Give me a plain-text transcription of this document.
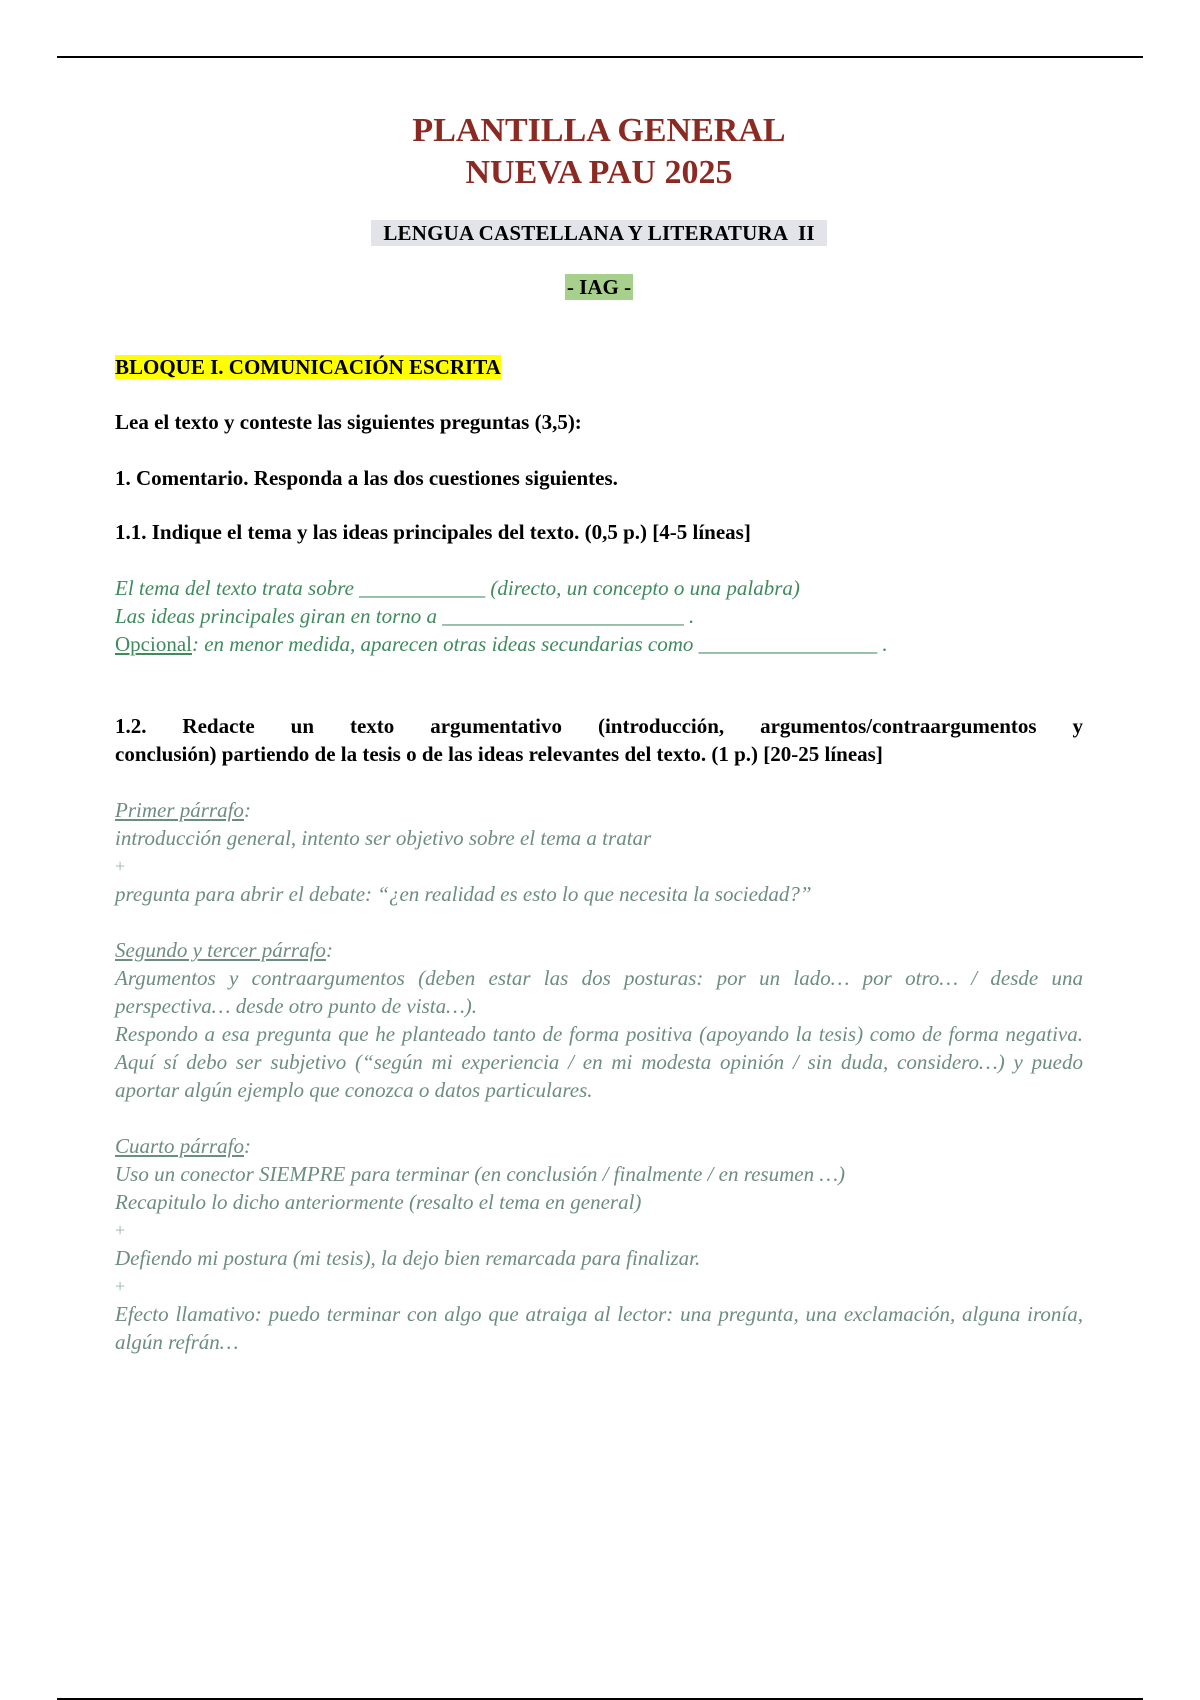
PLANTILLA GENERAL
NUEVA PAU 2025
LENGUA CASTELLANA Y LITERATURA  II
- IAG -
BLOQUE I. COMUNICACIÓN ESCRITA
Lea el texto y conteste las siguientes preguntas (3,5):
1. Comentario. Responda a las dos cuestiones siguientes.
1.1. Indique el tema y las ideas principales del texto. (0,5 p.) [4-5 líneas]
El tema del texto trata sobre ____________ (directo, un concepto o una palabra)
Las ideas principales giran en torno a _______________________ .
Opcional: en menor medida, aparecen otras ideas secundarias como _________________ .
1.2. Redacte un texto argumentativo (introducción, argumentos/contraargumentos y
conclusión) partiendo de la tesis o de las ideas relevantes del texto. (1 p.) [20-25 líneas]
Primer párrafo:
introducción general, intento ser objetivo sobre el tema a tratar
+
pregunta para abrir el debate: “¿en realidad es esto lo que necesita la sociedad?”
Segundo y tercer párrafo:
Argumentos y contraargumentos (deben estar las dos posturas: por un lado… por otro… / desde una perspectiva… desde otro punto de vista…).
Respondo a esa pregunta que he planteado tanto de forma positiva (apoyando la tesis) como de forma negativa. Aquí sí debo ser subjetivo (“según mi experiencia / en mi modesta opinión / sin duda, considero…) y puedo aportar algún ejemplo que conozca o datos particulares.
Cuarto párrafo:
Uso un conector SIEMPRE para terminar (en conclusión / finalmente / en resumen …)
Recapitulo lo dicho anteriormente (resalto el tema en general)
+
Defiendo mi postura (mi tesis), la dejo bien remarcada para finalizar.
+
Efecto llamativo: puedo terminar con algo que atraiga al lector: una pregunta, una exclamación, alguna ironía, algún refrán…
